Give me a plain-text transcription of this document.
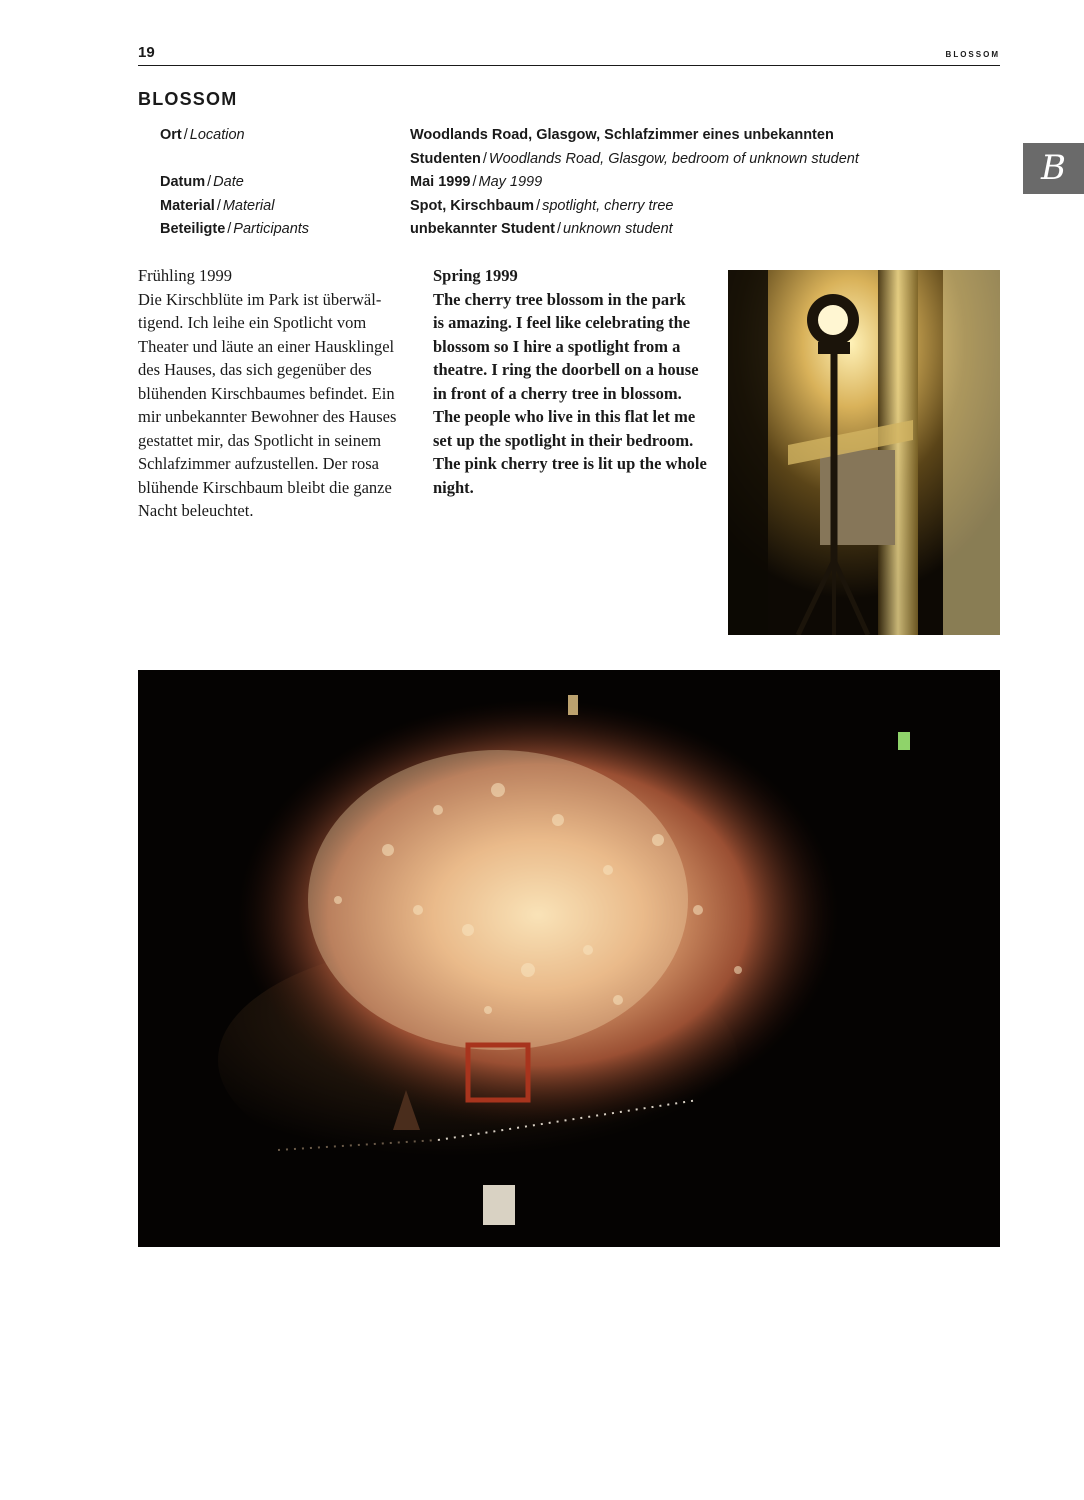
19	BLOSSOM
BLOSSOM
B
Ort / Location
Datum / Date
Material / Material
Beteiligte / Participants
Woodlands Road, Glasgow, Schlafzimmer eines unbekannten
Studenten / Woodlands Road, Glasgow, bedroom of unknown student
Mai 1999 / May 1999
Spot, Kirschbaum / spotlight, cherry tree
unbekannter Student / unknown student
Frühling 1999
Die Kirschblüte im Park ist überwäl-
tigend. Ich leihe ein Spotlicht vom
Theater und läute an einer Hausklingel
des Hauses, das sich gegenüber des
blühenden Kirschbaumes befindet. Ein
mir unbekannter Bewohner des Hauses
gestattet mir, das Spotlicht in seinem
Schlafzimmer aufzustellen. Der rosa
blühende Kirschbaum bleibt die ganze
Nacht beleuchtet.
Spring 1999
The cherry tree blossom in the park
is amazing. I feel like celebrating the
blossom so I hire a spotlight from a
theatre. I ring the doorbell on a house
in front of a cherry tree in blossom.
The people who live in this flat let me
set up the spotlight in their bedroom.
The pink cherry tree is lit up the whole
night.
